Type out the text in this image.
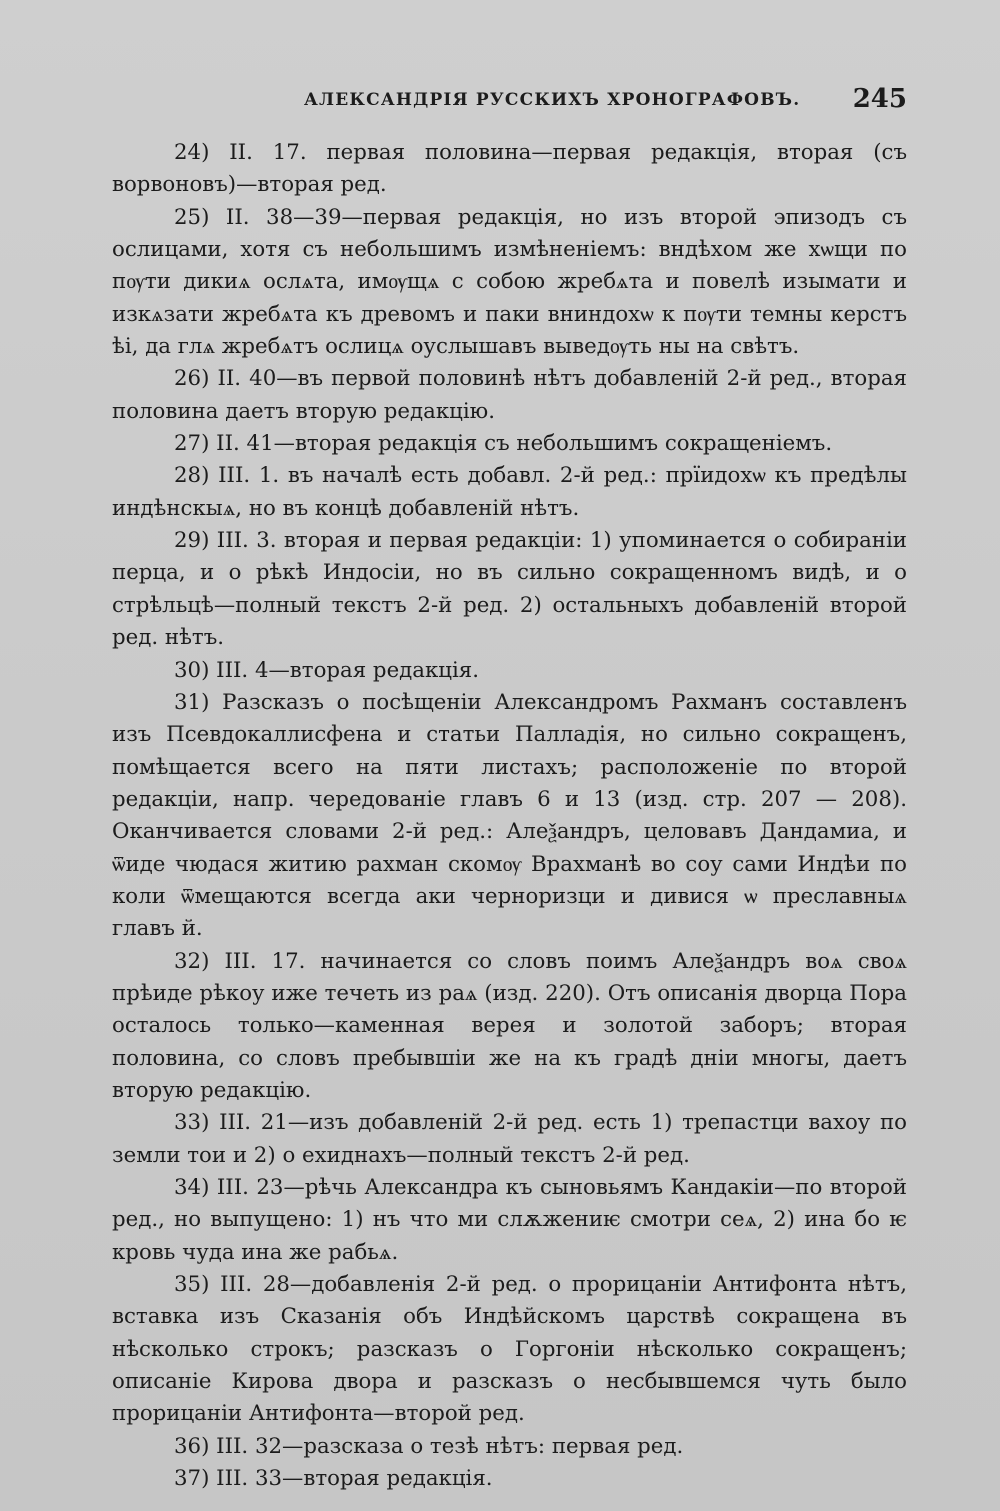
АЛЕКСАНДРІЯ РУССКИХЪ ХРОНОГРАФОВЪ. 245

24) II. 17. первая половина—первая редакція, вторая (съ ворвоновъ)—вторая ред.

25) II. 38—39—первая редакція, но изъ второй эпизодъ съ ослицами, хотя съ небольшимъ измѣненіемъ: вндѣхом же хѡщи по пѹти дикиѧ ослѧта, имѹщѧ с собою жребѧта и повелѣ изымати и изкѧзати жребѧта къ древомъ и паки вниндохѡ к пѹти темны керстъ ѣі, да глѧ жребѧтъ ослицѧ оуслышавъ выведѹть ны на свѣтъ.

26) II. 40—въ первой половинѣ нѣтъ добавленій 2-й ред., вторая половина даетъ вторую редакцію.

27) II. 41—вторая редакція съ небольшимъ сокращеніемъ.

28) III. 1. въ началѣ есть добавл. 2-й ред.: прїидохѡ къ предѣлы индѣнскыѧ, но въ концѣ добавленій нѣтъ.

29) III. 3. вторая и первая редакціи: 1) упоминается о собираніи перца, и о рѣкѣ Индосіи, но въ сильно сокращенномъ видѣ, и о стрѣльцѣ—полный текстъ 2-й ред. 2) остальныхъ добавленій второй ред. нѣтъ.

30) III. 4—вторая редакція.

31) Разсказъ о посѣщеніи Александромъ Рахманъ составленъ изъ Псевдокаллисфена и статьи Палладія, но сильно сокращенъ, помѣщается всего на пяти листахъ; расположеніе по второй редакціи, напр. чередованіе главъ 6 и 13 (изд. стр. 207 — 208). Оканчивается словами 2-й ред.: Алеѯандръ, целовавъ Дандамиа, и ѿиде чюдася житию рахман скомѹ Врахманѣ во соу сами Индѣи по коли ѿмещаются всегда аки черноризци и дивися ѡ преславныѧ главъ й.

32) III. 17. начинается со словъ поимъ Алеѯандръ воѧ своѧ прѣиде рѣкоу иже течеть из раѧ (изд. 220). Отъ описанія дворца Пора осталось только—каменная верея и золотой заборъ; вторая половина, со словъ пребывшiи же на къ градѣ днiи многы, даетъ вторую редакцію.

33) III. 21—изъ добавленій 2-й ред. есть 1) трепастци вахоу по земли тои и 2) о ехиднахъ—полный текстъ 2-й ред.

34) III. 23—рѣчь Александра къ сыновьямъ Кандакіи—по второй ред., но выпущено: 1) нъ что ми слѫжениѥ смотри сеѧ, 2) ина бо ѥ кровь чуда ина же рабьѧ.

35) III. 28—добавленія 2-й ред. о прорицаніи Антифонта нѣтъ, вставка изъ Сказанія объ Индѣйскомъ царствѣ сокращена въ нѣсколько строкъ; разсказъ о Горгоніи нѣсколько сокращенъ; описаніе Кирова двора и разсказъ о несбывшемся чуть было прорицаніи Антифонта—второй ред.

36) III. 32—разсказа о тезѣ нѣтъ: первая ред.

37) III. 33—вторая редакція.
